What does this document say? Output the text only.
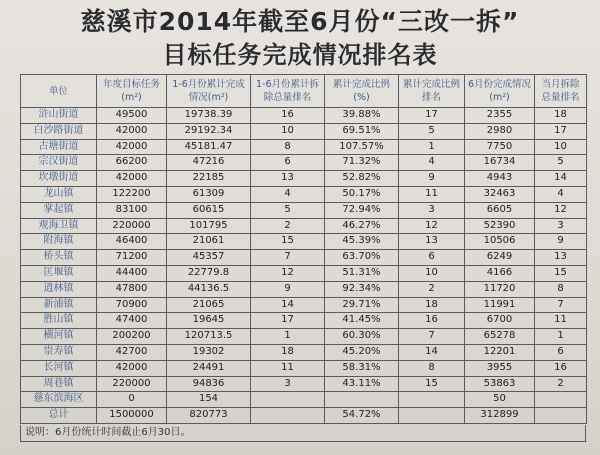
慈溪市2014年截至6月份“三改一拆”
目标任务完成情况排名表
单位	年度目标任务(m²)	1-6月份累计完成情况(m²)	1-6月份累计拆除总量排名	累计完成比例(%)	累计完成比例排名	6月份完成情况(m²)	当月拆除总量排名
浒山街道	49500	19738.39	16	39.88%	17	2355	18
白沙路街道	42000	29192.34	10	69.51%	5	2980	17
古塘街道	42000	45181.47	8	107.57%	1	7750	10
宗汉街道	66200	47216	6	71.32%	4	16734	5
坎墩街道	42000	22185	13	52.82%	9	4943	14
龙山镇	122200	61309	4	50.17%	11	32463	4
掌起镇	83100	60615	5	72.94%	3	6605	12
观海卫镇	220000	101795	2	46.27%	12	52390	3
附海镇	46400	21061	15	45.39%	13	10506	9
桥头镇	71200	45357	7	63.70%	6	6249	13
匡堰镇	44400	22779.8	12	51.31%	10	4166	15
逍林镇	47800	44136.5	9	92.34%	2	11720	8
新浦镇	70900	21065	14	29.71%	18	11991	7
胜山镇	47400	19645	17	41.45%	16	6700	11
横河镇	200200	120713.5	1	60.30%	7	65278	1
崇寿镇	42700	19302	18	45.20%	14	12201	6
长河镇	42000	24491	11	58.31%	8	3955	16
周巷镇	220000	94836	3	43.11%	15	53863	2
慈东滨海区	0	154				50	
总计	1500000	820773		54.72%		312899	
说明：6月份统计时间截止6月30日。
